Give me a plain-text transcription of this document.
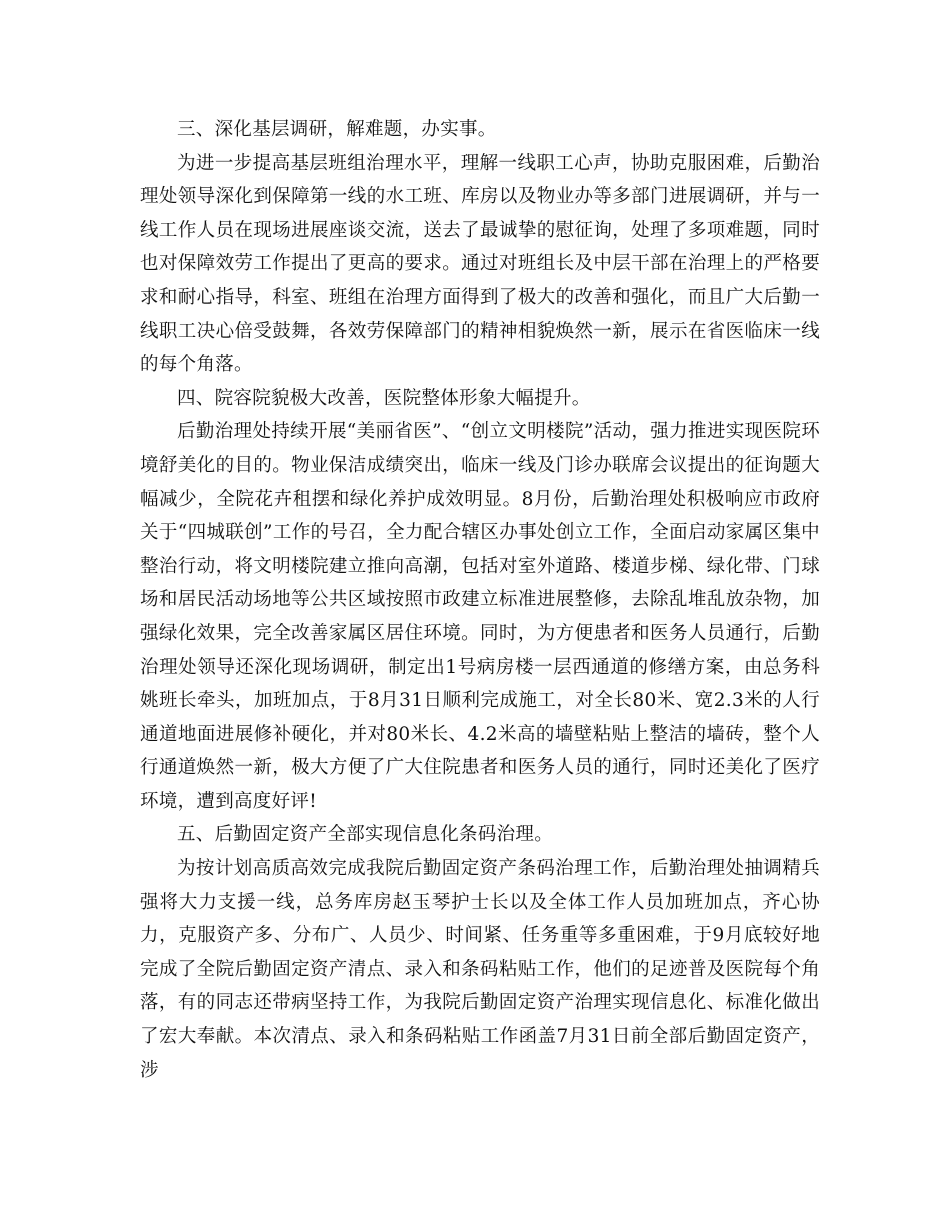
三、深化基层调研，解难题，办实事。

为进一步提高基层班组治理水平，理解一线职工心声，协助克服困难，后勤治理处领导深化到保障第一线的水工班、库房以及物业办等多部门进展调研，并与一线工作人员在现场进展座谈交流，送去了最诚挚的慰征询，处理了多项难题，同时也对保障效劳工作提出了更高的要求。通过对班组长及中层干部在治理上的严格要求和耐心指导，科室、班组在治理方面得到了极大的改善和强化，而且广大后勤一线职工决心倍受鼓舞，各效劳保障部门的精神相貌焕然一新，展示在省医临床一线的每个角落。

四、院容院貌极大改善，医院整体形象大幅提升。

后勤治理处持续开展“美丽省医”、“创立文明楼院”活动，强力推进实现医院环境舒美化的目的。物业保洁成绩突出，临床一线及门诊办联席会议提出的征询题大幅减少，全院花卉租摆和绿化养护成效明显。8月份，后勤治理处积极响应市政府关于“四城联创”工作的号召，全力配合辖区办事处创立工作，全面启动家属区集中整治行动，将文明楼院建立推向高潮，包括对室外道路、楼道步梯、绿化带、门球场和居民活动场地等公共区域按照市政建立标准进展整修，去除乱堆乱放杂物，加强绿化效果，完全改善家属区居住环境。同时，为方便患者和医务人员通行，后勤治理处领导还深化现场调研，制定出1号病房楼一层西通道的修缮方案，由总务科姚班长牵头，加班加点，于8月31日顺利完成施工，对全长80米、宽2.3米的人行通道地面进展修补硬化，并对80米长、4.2米高的墙壁粘贴上整洁的墙砖，整个人行通道焕然一新，极大方便了广大住院患者和医务人员的通行，同时还美化了医疗环境，遭到高度好评!

五、后勤固定资产全部实现信息化条码治理。

为按计划高质高效完成我院后勤固定资产条码治理工作，后勤治理处抽调精兵强将大力支援一线，总务库房赵玉琴护士长以及全体工作人员加班加点，齐心协力，克服资产多、分布广、人员少、时间紧、任务重等多重困难，于9月底较好地完成了全院后勤固定资产清点、录入和条码粘贴工作，他们的足迹普及医院每个角落，有的同志还带病坚持工作，为我院后勤固定资产治理实现信息化、标准化做出了宏大奉献。本次清点、录入和条码粘贴工作函盖7月31日前全部后勤固定资产，涉
